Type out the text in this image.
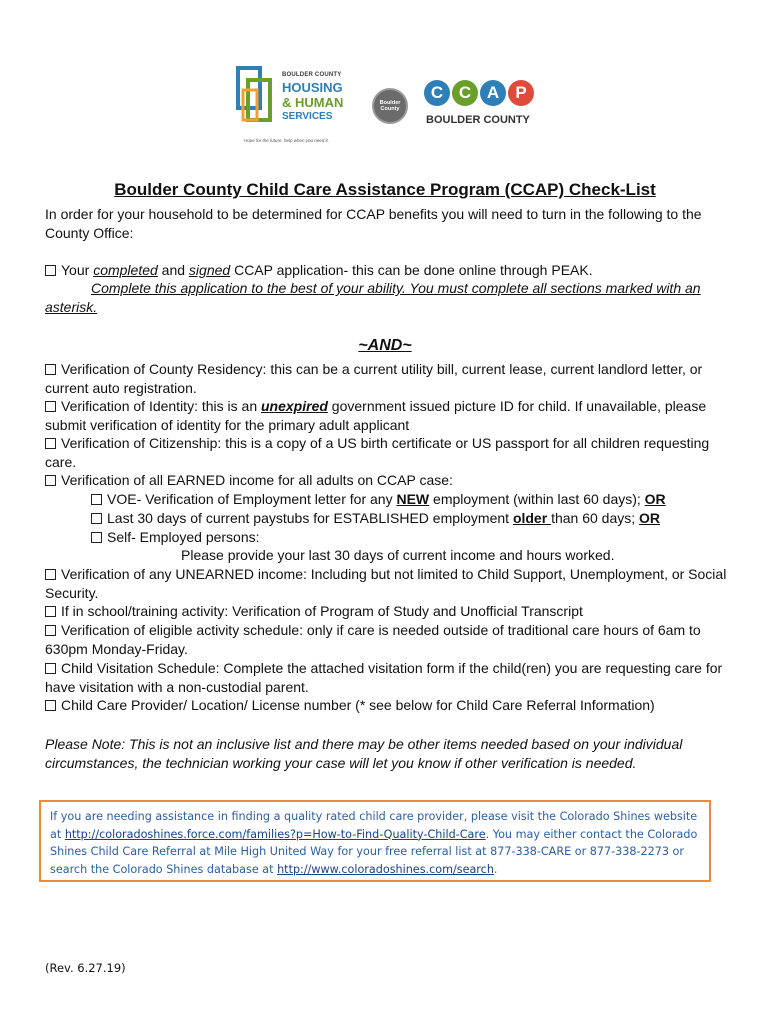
BOULDER COUNTY
HOUSING
& HUMAN
SERVICES
Hope for the future, help when you need it.
Boulder County
C C A P
BOULDER COUNTY
Boulder County Child Care Assistance Program (CCAP) Check-List
In order for your household to be determined for CCAP benefits you will need to turn in the following to the County Office:
Your completed and signed CCAP application- this can be done online through PEAK.
Complete this application to the best of your ability. You must complete all sections marked with an asterisk.
~AND~
Verification of County Residency: this can be a current utility bill, current lease, current landlord letter, or current auto registration.
Verification of Identity: this is an unexpired government issued picture ID for child. If unavailable, please submit verification of identity for the primary adult applicant
Verification of Citizenship: this is a copy of a US birth certificate or US passport for all children requesting care.
Verification of all EARNED income for all adults on CCAP case:
VOE- Verification of Employment letter for any NEW employment (within last 60 days); OR
Last 30 days of current paystubs for ESTABLISHED employment older than 60 days; OR
Self- Employed persons:
Please provide your last 30 days of current income and hours worked.
Verification of any UNEARNED income: Including but not limited to Child Support, Unemployment, or Social Security.
If in school/training activity: Verification of Program of Study and Unofficial Transcript
Verification of eligible activity schedule: only if care is needed outside of traditional care hours of 6am to 630pm Monday-Friday.
Child Visitation Schedule: Complete the attached visitation form if the child(ren) you are requesting care for have visitation with a non-custodial parent.
Child Care Provider/ Location/ License number (* see below for Child Care Referral Information)
Please Note: This is not an inclusive list and there may be other items needed based on your individual circumstances, the technician working your case will let you know if other verification is needed.
If you are needing assistance in finding a quality rated child care provider, please visit the Colorado Shines website at http://coloradoshines.force.com/families?p=How-to-Find-Quality-Child-Care. You may either contact the Colorado Shines Child Care Referral at Mile High United Way for your free referral list at 877-338-CARE or 877-338-2273 or search the Colorado Shines database at http://www.coloradoshines.com/search.
(Rev. 6.27.19)
